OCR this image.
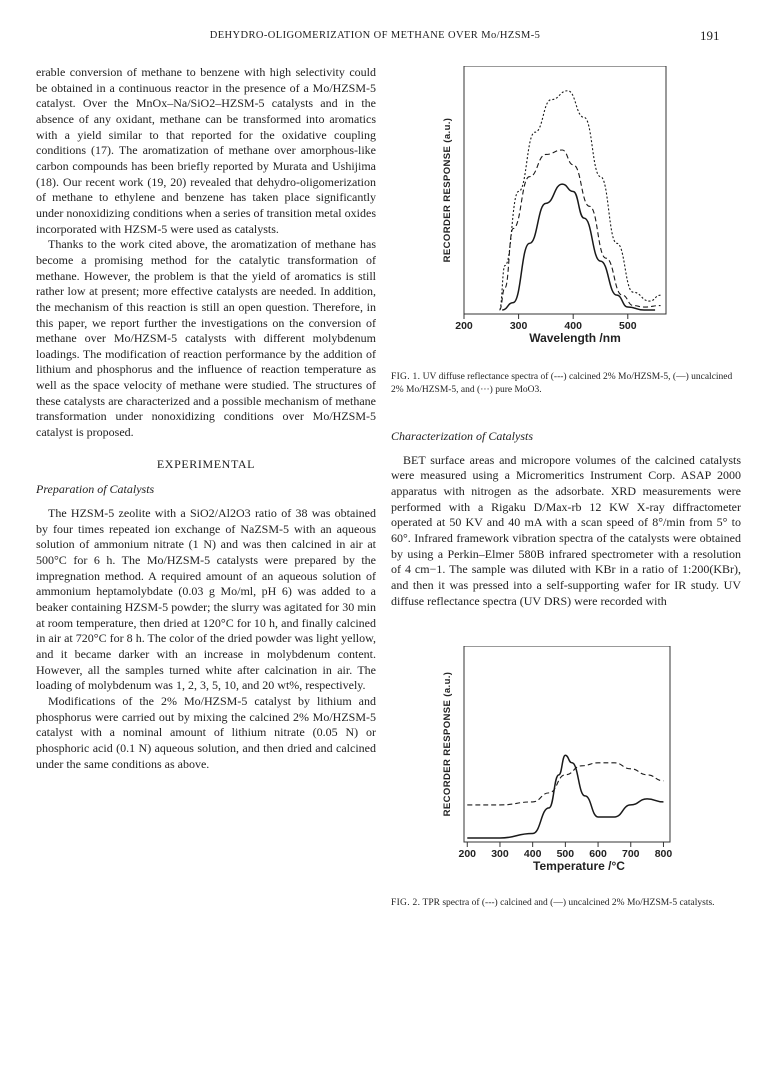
DEHYDRO-OLIGOMERIZATION OF METHANE OVER Mo/HZSM-5	191

erable conversion of methane to benzene with high selectivity could be obtained in a continuous reactor in the presence of a Mo/HZSM-5 catalyst. Over the MnOx–Na/SiO2–HZSM-5 catalysts and in the absence of any oxidant, methane can be transformed into aromatics with a yield similar to that reported for the oxidative coupling conditions (17). The aromatization of methane over amorphous-like carbon compounds has been briefly reported by Murata and Ushijima (18). Our recent work (19, 20) revealed that dehydro-oligomerization of methane to ethylene and benzene has taken place significantly under nonoxidizing conditions when a series of transition metal oxides incorporated with HZSM-5 were used as catalysts.

Thanks to the work cited above, the aromatization of methane has become a promising method for the catalytic transformation of methane. However, the problem is that the yield of aromatics is still rather low at present; more effective catalysts are needed. In addition, the mechanism of this reaction is still an open question. Therefore, in this paper, we report further the investigations on the conversion of methane over Mo/HZSM-5 catalysts with different molybdenum loadings. The modification of reaction performance by the addition of lithium and phosphorus and the influence of reaction temperature as well as the space velocity of methane were studied. The structures of these catalysts are characterized and a possible mechanism of methane transformation under nonoxidizing conditions over Mo/HZSM-5 catalyst is proposed.

EXPERIMENTAL
Preparation of Catalysts

The HZSM-5 zeolite with a SiO2/Al2O3 ratio of 38 was obtained by four times repeated ion exchange of NaZSM-5 with an aqueous solution of ammonium nitrate (1 N) and was then calcined in air at 500°C for 6 h. The Mo/HZSM-5 catalysts were prepared by the impregnation method. A required amount of an aqueous solution of ammonium heptamolybdate (0.03 g Mo/ml, pH 6) was added to a beaker containing HZSM-5 powder; the slurry was agitated for 30 min at room temperature, then dried at 120°C for 10 h, and finally calcined in air at 720°C for 8 h. The color of the dried powder was light yellow, and it became darker with an increase in molybdenum content. However, all the samples turned white after calcination in air. The loading of molybdenum was 1, 2, 3, 5, 10, and 20 wt%, respectively.

Modifications of the 2% Mo/HZSM-5 catalyst by lithium and phosphorus were carried out by mixing the calcined 2% Mo/HZSM-5 catalyst with a nominal amount of lithium nitrate (0.05 N) or phosphoric acid (0.1 N) aqueous solution, and then dried and calcined under the same conditions as above.

200	300	400	500
Wavelength /nm
RECORDER RESPONSE (a.u.)
FIG. 1. UV diffuse reflectance spectra of (---) calcined 2% Mo/HZSM-5, (—) uncalcined 2% Mo/HZSM-5, and (···) pure MoO3.
Characterization of Catalysts

BET surface areas and micropore volumes of the calcined catalysts were measured using a Micromeritics Instrument Corp. ASAP 2000 apparatus with nitrogen as the adsorbate. XRD measurements were performed with a Rigaku D/Max-rb 12 KW X-ray diffractometer operated at 50 KV and 40 mA with a scan speed of 8°/min from 5° to 60°. Infrared framework vibration spectra of the catalysts were obtained by using a Perkin–Elmer 580B infrared spectrometer with a resolution of 4 cm−1. The sample was diluted with KBr in a ratio of 1:200(KBr), and then it was pressed into a self-supporting wafer for IR study. UV diffuse reflectance spectra (UV DRS) were recorded with

200 300 400 500 600 700 800
Temperature /°C
RECORDER RESPONSE (a.u.)
FIG. 2. TPR spectra of (---) calcined and (—) uncalcined 2% Mo/HZSM-5 catalysts.
